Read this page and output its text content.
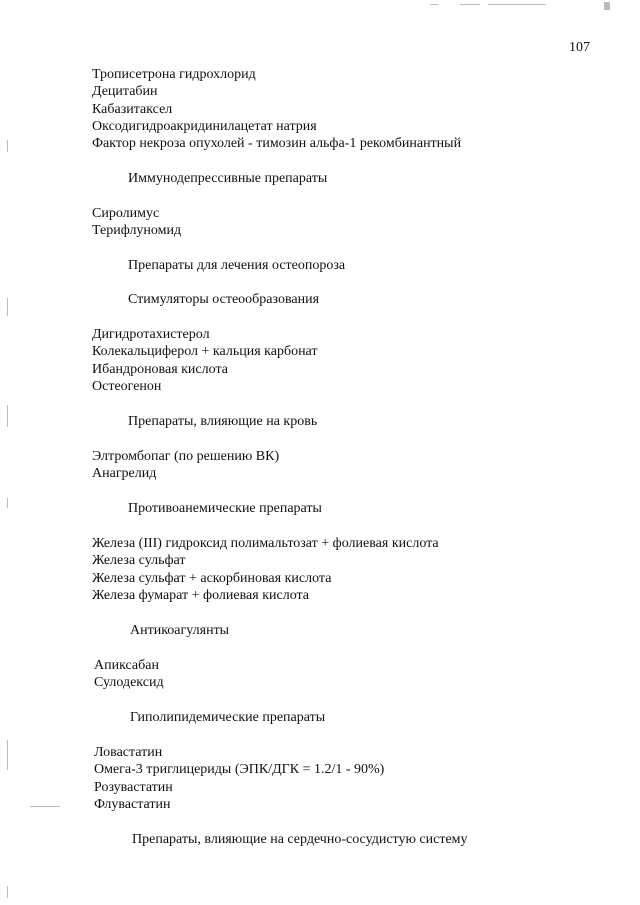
107
Трописетрона гидрохлорид
Децитабин
Кабазитаксел
Оксодигидроакридинилацетат натрия
Фактор некроза опухолей - тимозин альфа-1 рекомбинантный
Иммунодепрессивные препараты
Сиролимус
Терифлуномид
Препараты для лечения остеопороза
Стимуляторы остеообразования
Дигидротахистерол
Колекальциферол + кальция карбонат
Ибандроновая кислота
Остеогенон
Препараты, влияющие на кровь
Элтромбопаг (по решению ВК)
Анагрелид
Противоанемические препараты
Железа (III) гидроксид полимальтозат + фолиевая кислота
Железа сульфат
Железа сульфат + аскорбиновая кислота
Железа фумарат + фолиевая кислота
Антикоагулянты
Апиксабан
Сулодексид
Гиполипидемические препараты
Ловастатин
Омега-3 триглицериды (ЭПК/ДГК = 1.2/1 - 90%)
Розувастатин
Флувастатин
Препараты, влияющие на сердечно-сосудистую систему
